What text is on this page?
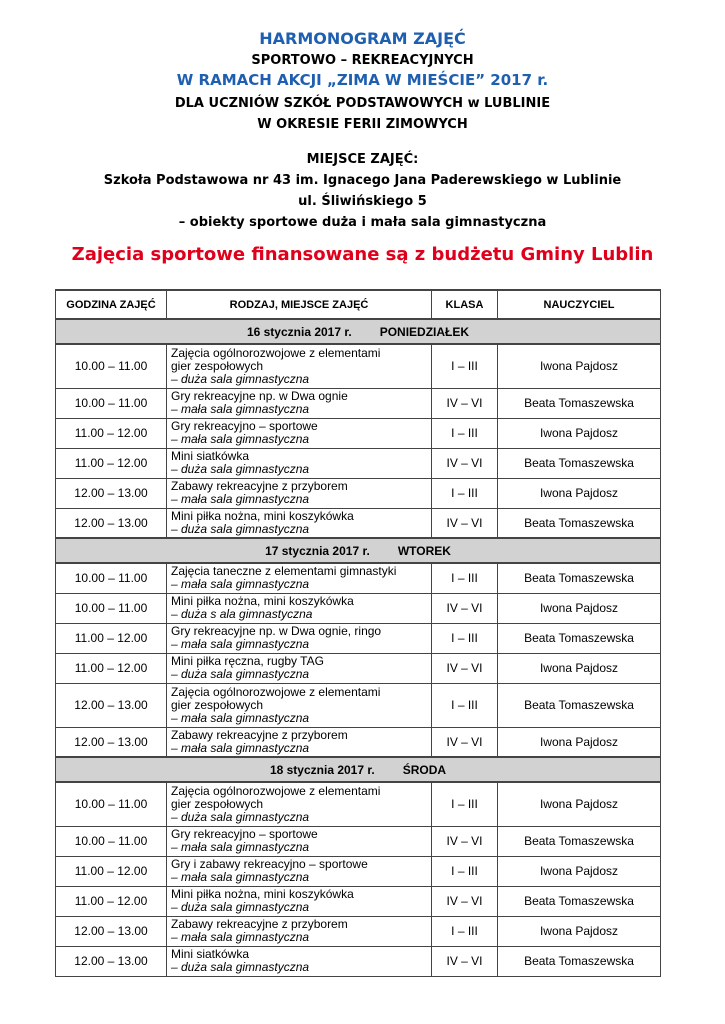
HARMONOGRAM ZAJĘĆ
SPORTOWO – REKREACYJNYCH
W RAMACH AKCJI „ZIMA W MIEŚCIE” 2017 r.
DLA UCZNIÓW SZKÓŁ PODSTAWOWYCH w LUBLINIE
W OKRESIE FERII ZIMOWYCH
MIEJSCE ZAJĘĆ:
Szkoła Podstawowa nr 43 im. Ignacego Jana Paderewskiego w Lublinie
ul. Śliwińskiego 5
– obiekty sportowe duża i mała sala gimnastyczna
Zajęcia sportowe finansowane są z budżetu Gminy Lublin
GODZINA ZAJĘĆ	RODZAJ, MIEJSCE ZAJĘĆ	KLASA	NAUCZYCIEL
16 stycznia 2017 r. PONIEDZIAŁEK			
10.00 – 11.00	Zajęcia ogólnorozwojowe z elementami
gier zespołowych
– duża sala gimnastyczna	I – III	Iwona Pajdosz
10.00 – 11.00	Gry rekreacyjne np. w Dwa ognie
– mała sala gimnastyczna	IV – VI	Beata Tomaszewska
11.00 – 12.00	Gry rekreacyjno – sportowe
– mała sala gimnastyczna	I – III	Iwona Pajdosz
11.00 – 12.00	Mini siatkówka
– duża sala gimnastyczna	IV – VI	Beata Tomaszewska
12.00 – 13.00	Zabawy rekreacyjne z przyborem
– mała sala gimnastyczna	I – III	Iwona Pajdosz
12.00 – 13.00	Mini piłka nożna, mini koszykówka
– duża sala gimnastyczna	IV – VI	Beata Tomaszewska
17 stycznia 2017 r. WTOREK			
10.00 – 11.00	Zajęcia taneczne z elementami gimnastyki
– mała sala gimnastyczna	I – III	Beata Tomaszewska
10.00 – 11.00	Mini piłka nożna, mini koszykówka
– duża s ala gimnastyczna	IV – VI	Iwona Pajdosz
11.00 – 12.00	Gry rekreacyjne np. w Dwa ognie, ringo
– mała sala gimnastyczna	I – III	Beata Tomaszewska
11.00 – 12.00	Mini piłka ręczna, rugby TAG
– duża sala gimnastyczna	IV – VI	Iwona Pajdosz
12.00 – 13.00	Zajęcia ogólnorozwojowe z elementami
gier zespołowych
– mała sala gimnastyczna	I – III	Beata Tomaszewska
12.00 – 13.00	Zabawy rekreacyjne z przyborem
– mała sala gimnastyczna	IV – VI	Iwona Pajdosz
18 stycznia 2017 r. ŚRODA			
10.00 – 11.00	Zajęcia ogólnorozwojowe z elementami
gier zespołowych
– duża sala gimnastyczna	I – III	Iwona Pajdosz
10.00 – 11.00	Gry rekreacyjno – sportowe
– mała sala gimnastyczna	IV – VI	Beata Tomaszewska
11.00 – 12.00	Gry i zabawy rekreacyjno – sportowe
– mała sala gimnastyczna	I – III	Iwona Pajdosz
11.00 – 12.00	Mini piłka nożna, mini koszykówka
– duża sala gimnastyczna	IV – VI	Beata Tomaszewska
12.00 – 13.00	Zabawy rekreacyjne z przyborem
– mała sala gimnastyczna	I – III	Iwona Pajdosz
12.00 – 13.00	Mini siatkówka
– duża sala gimnastyczna	IV – VI	Beata Tomaszewska
